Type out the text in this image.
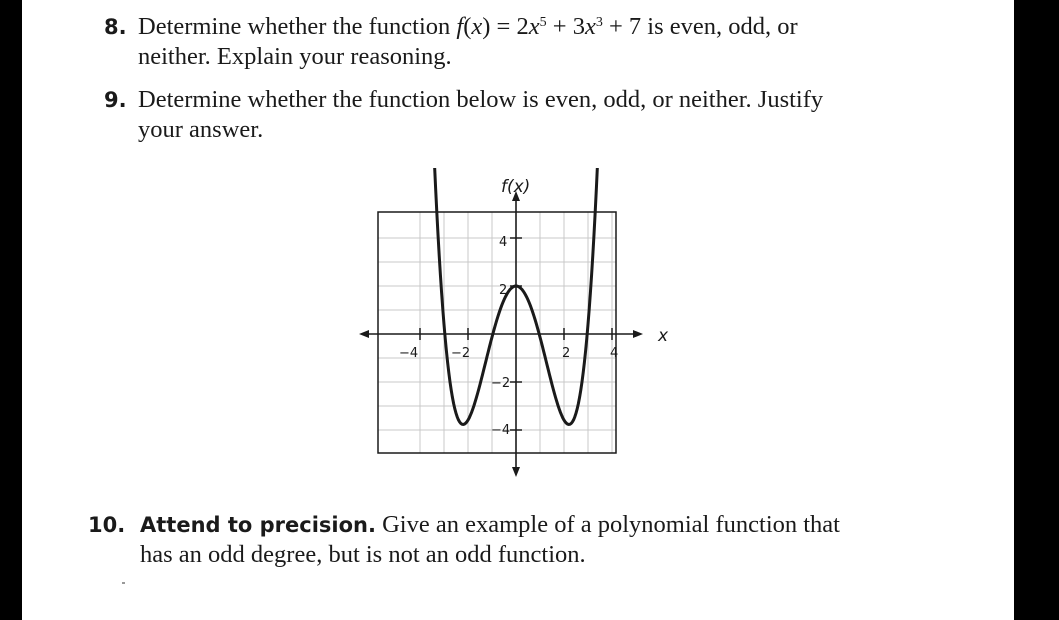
8. Determine whether the function $f(x) = 2x^5 + 3x^3 + 7$ is even, odd, or
neither. Explain your reasoning.
9. Determine whether the function below is even, odd, or neither. Justify
your answer.
f(x)
x
−4	−2	2	4
4
2
−2
−4
10. Attend to precision. Give an example of a polynomial function that
has an odd degree, but is not an odd function.
